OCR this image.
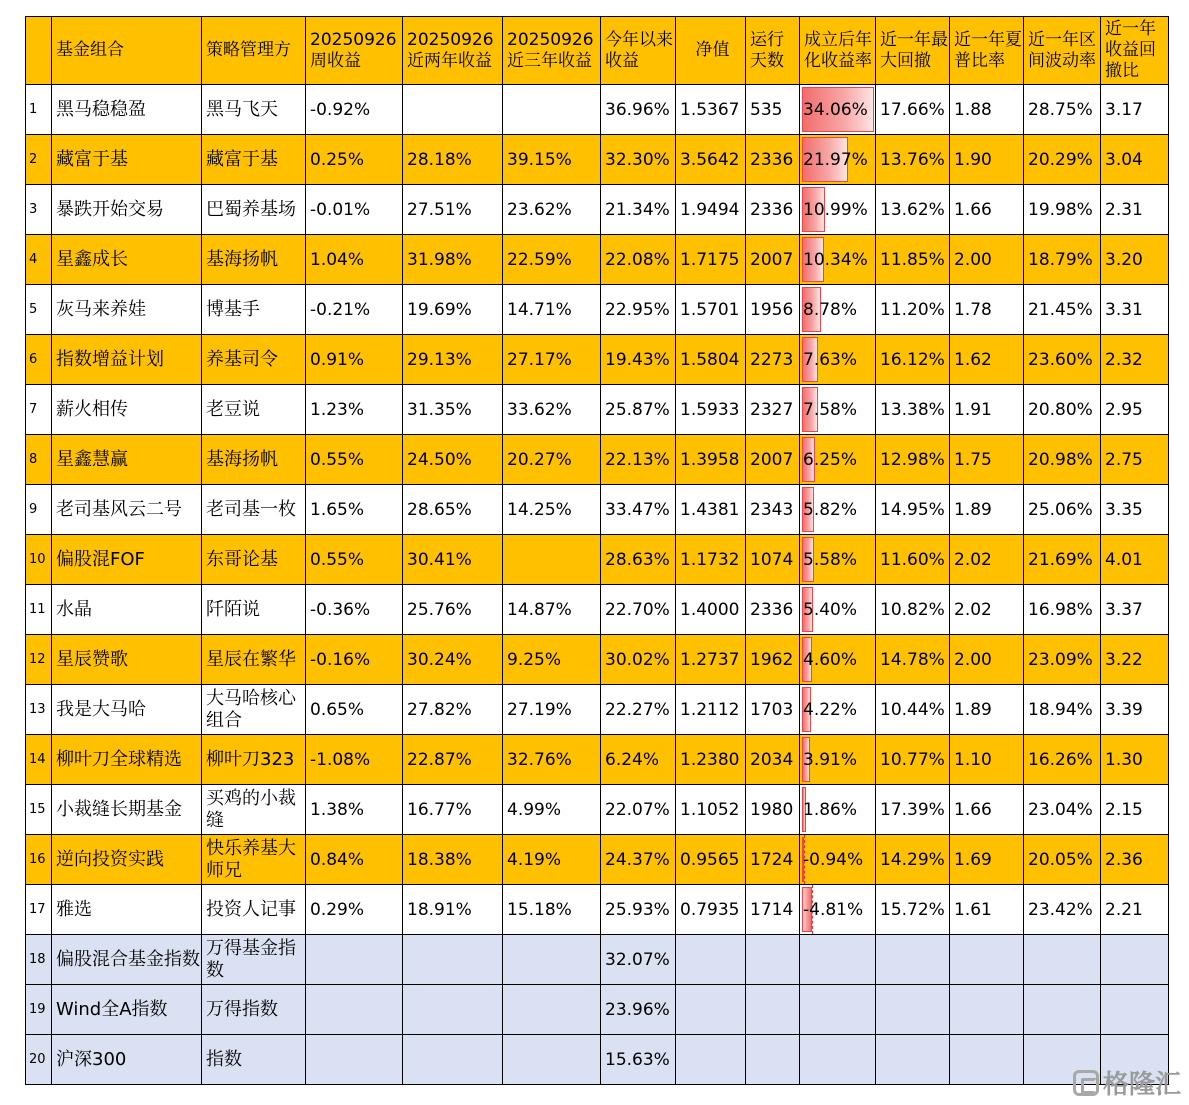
	基金组合	策略管理方	20250926 周收益	20250926 近两年收益	20250926 近三年收益	今年以来收益	净值	运行天数	成立后年化收益率	近一年最大回撤	近一年夏普比率	近一年区间波动率	近一年收益回撤比
1	黑马稳稳盈	黑马飞天	-0.92%			36.96%	1.5367	535	34.06%	17.66%	1.88	28.75%	3.17
2	藏富于基	藏富于基	0.25%	28.18%	39.15%	32.30%	3.5642	2336	21.97%	13.76%	1.90	20.29%	3.04
3	暴跌开始交易	巴蜀养基场	-0.01%	27.51%	23.62%	21.34%	1.9494	2336	10.99%	13.62%	1.66	19.98%	2.31
4	星鑫成长	基海扬帆	1.04%	31.98%	22.59%	22.08%	1.7175	2007	10.34%	11.85%	2.00	18.79%	3.20
5	灰马来养娃	博基手	-0.21%	19.69%	14.71%	22.95%	1.5701	1956	8.78%	11.20%	1.78	21.45%	3.31
6	指数增益计划	养基司令	0.91%	29.13%	27.17%	19.43%	1.5804	2273	7.63%	16.12%	1.62	23.60%	2.32
7	薪火相传	老豆说	1.23%	31.35%	33.62%	25.87%	1.5933	2327	7.58%	13.38%	1.91	20.80%	2.95
8	星鑫慧赢	基海扬帆	0.55%	24.50%	20.27%	22.13%	1.3958	2007	6.25%	12.98%	1.75	20.98%	2.75
9	老司基风云二号	老司基一枚	1.65%	28.65%	14.25%	33.47%	1.4381	2343	5.82%	14.95%	1.89	25.06%	3.35
10	偏股混FOF	东哥论基	0.55%	30.41%		28.63%	1.1732	1074	5.58%	11.60%	2.02	21.69%	4.01
11	水晶	阡陌说	-0.36%	25.76%	14.87%	22.70%	1.4000	2336	5.40%	10.82%	2.02	16.98%	3.37
12	星辰赞歌	星辰在繁华	-0.16%	30.24%	9.25%	30.02%	1.2737	1962	4.60%	14.78%	2.00	23.09%	3.22
13	我是大马哈	大马哈核心组合	0.65%	27.82%	27.19%	22.27%	1.2112	1703	4.22%	10.44%	1.89	18.94%	3.39
14	柳叶刀全球精选	柳叶刀323	-1.08%	22.87%	32.76%	6.24%	1.2380	2034	3.91%	10.77%	1.10	16.26%	1.30
15	小裁缝长期基金	买鸡的小裁缝	1.38%	16.77%	4.99%	22.07%	1.1052	1980	1.86%	17.39%	1.66	23.04%	2.15
16	逆向投资实践	快乐养基大师兄	0.84%	18.38%	4.19%	24.37%	0.9565	1724	-0.94%	14.29%	1.69	20.05%	2.36
17	雅选	投资人记事	0.29%	18.91%	15.18%	25.93%	0.7935	1714	-4.81%	15.72%	1.61	23.42%	2.21
18	偏股混合基金指数	万得基金指数				32.07%							
19	Wind全A指数	万得指数				23.96%							
20	沪深300	指数				15.63%							
格隆汇
